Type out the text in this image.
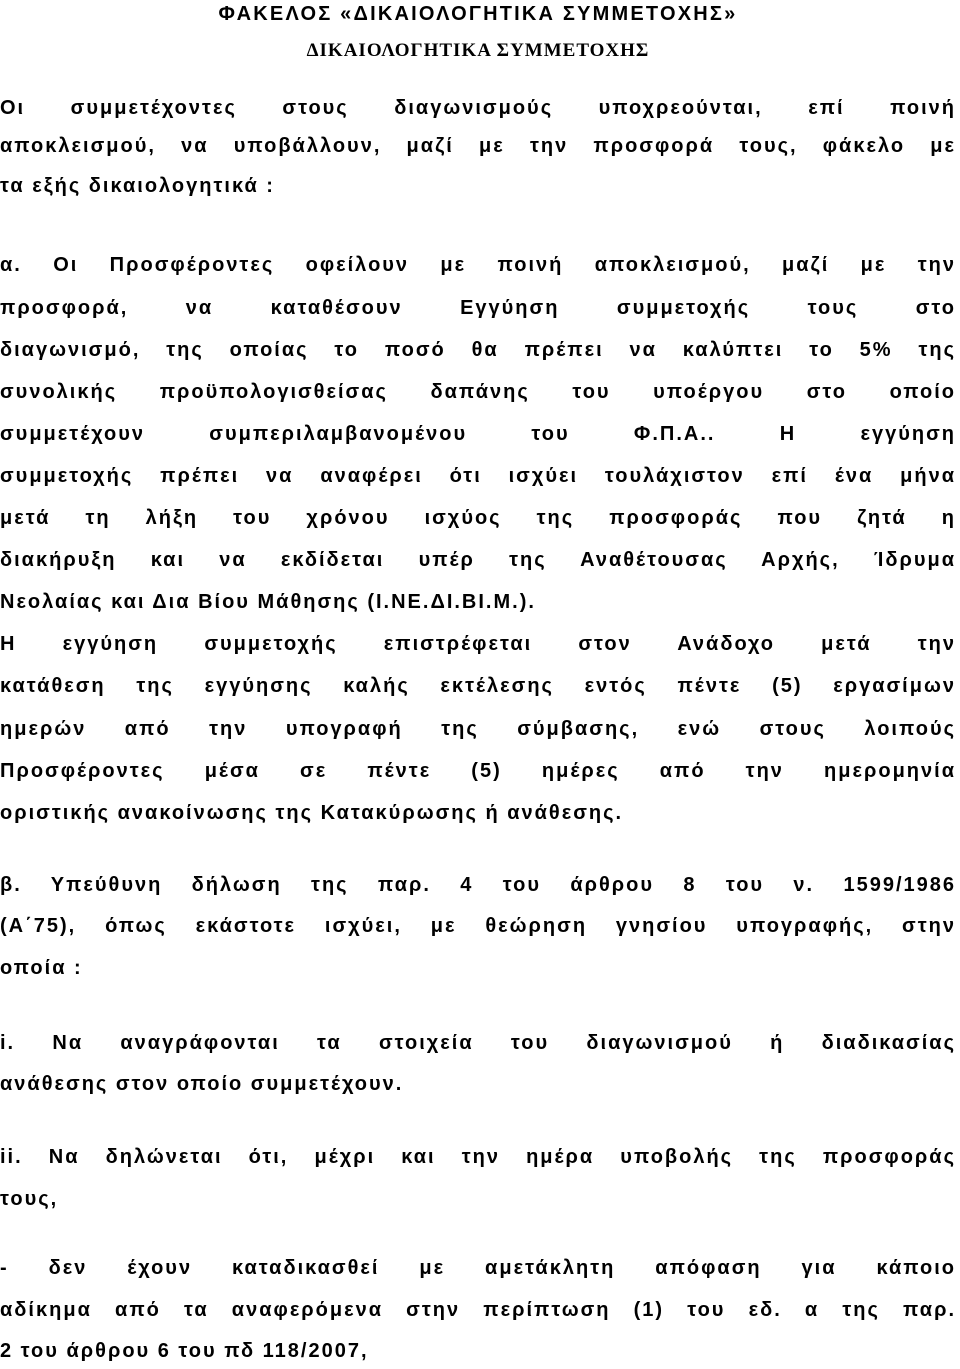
ΦΑΚΕΛΟΣ «ΔΙΚΑΙΟΛΟΓΗΤΙΚΑ ΣΥΜΜΕΤΟΧΗΣ»
ΔΙΚΑΙΟΛΟΓΗΤΙΚΑ ΣΥΜΜΕΤΟΧΗΣ
Οι συμμετέχοντες στους διαγωνισμούς υποχρεούνται, επί ποινή
αποκλεισμού, να υποβάλλουν, μαζί με την προσφορά τους, φάκελο με
τα εξής δικαιολογητικά :
α. Οι Προσφέροντες οφείλουν με ποινή αποκλεισμού, μαζί με την
προσφορά, να καταθέσουν Εγγύηση συμμετοχής τους στο
διαγωνισμό, της οποίας το ποσό θα πρέπει να καλύπτει το 5% της
συνολικής προϋπολογισθείσας δαπάνης του υποέργου στο οποίο
συμμετέχουν συμπεριλαμβανομένου του Φ.Π.Α.. Η εγγύηση
συμμετοχής πρέπει να αναφέρει ότι ισχύει τουλάχιστον επί ένα μήνα
μετά τη λήξη του χρόνου ισχύος της προσφοράς που ζητά η
διακήρυξη και να εκδίδεται υπέρ της Αναθέτουσας Αρχής, Ίδρυμα
Νεολαίας και Δια Βίου Μάθησης (Ι.ΝΕ.ΔΙ.ΒΙ.Μ.).
Η εγγύηση συμμετοχής επιστρέφεται στον Ανάδοχο μετά την
κατάθεση της εγγύησης καλής εκτέλεσης εντός πέντε (5) εργασίμων
ημερών από την υπογραφή της σύμβασης, ενώ στους λοιπούς
Προσφέροντες μέσα σε πέντε (5) ημέρες από την ημερομηνία
οριστικής ανακοίνωσης της Κατακύρωσης ή ανάθεσης.
β. Υπεύθυνη δήλωση της παρ. 4 του άρθρου 8 του ν. 1599/1986
(Α΄75), όπως εκάστοτε ισχύει, με θεώρηση γνησίου υπογραφής, στην
οποία :
i. Να αναγράφονται τα στοιχεία του διαγωνισμού ή διαδικασίας
ανάθεσης στον οποίο συμμετέχουν.
ii. Να δηλώνεται ότι, μέχρι και την ημέρα υποβολής της προσφοράς
τους,
- δεν έχουν καταδικασθεί με αμετάκλητη απόφαση για κάποιο
αδίκημα από τα αναφερόμενα στην περίπτωση (1) του εδ. α της παρ.
2 του άρθρου 6 του πδ 118/2007,
